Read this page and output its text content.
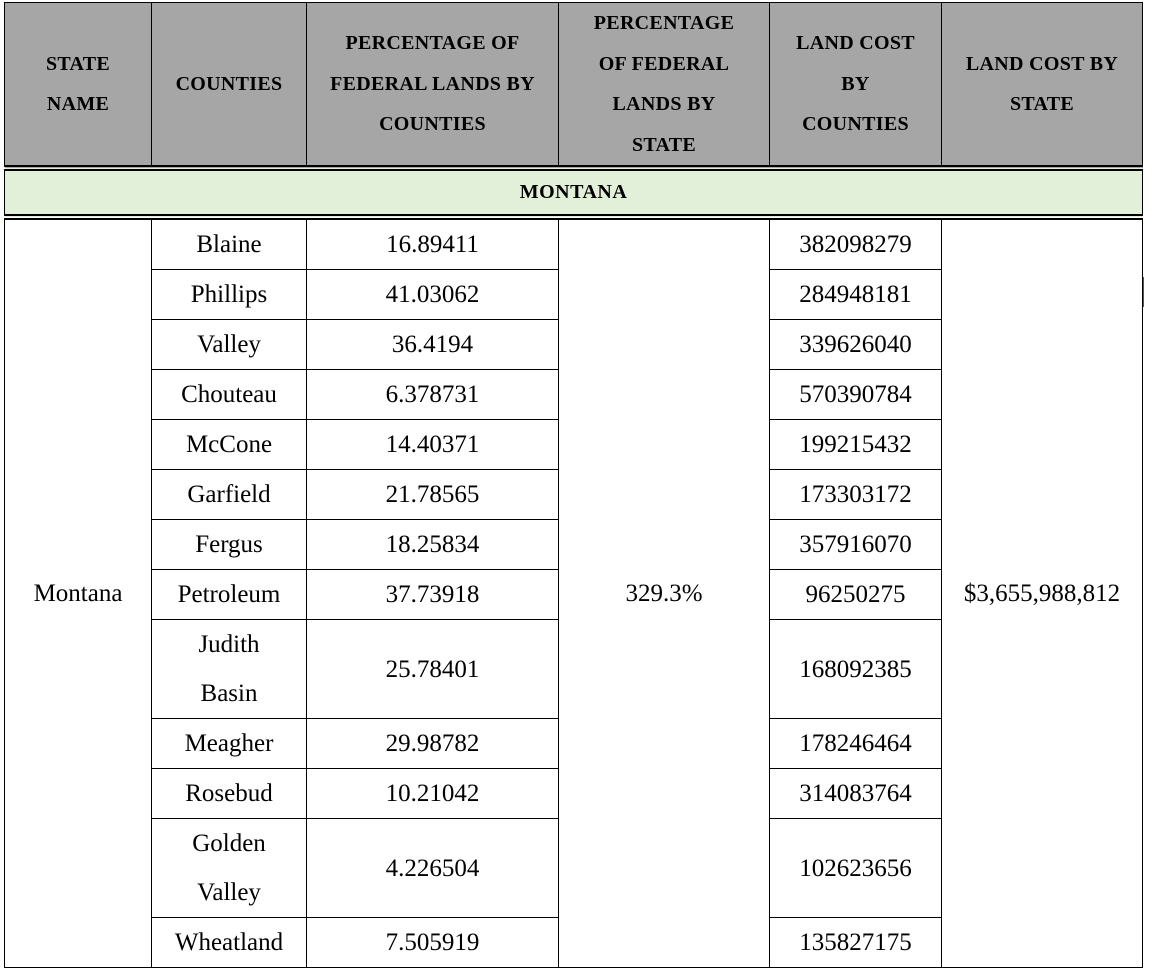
STATE NAME	COUNTIES	PERCENTAGE OF FEDERAL LANDS BY COUNTIES	PERCENTAGE OF FEDERAL LANDS BY STATE	LAND COST BY COUNTIES	LAND COST BY STATE
MONTANA					
Montana	Blaine	16.89411	329.3%	382098279	$3,655,988,812
	Phillips	41.03062		284948181	
	Valley	36.4194		339626040	
	Chouteau	6.378731		570390784	
	McCone	14.40371		199215432	
	Garfield	21.78565		173303172	
	Fergus	18.25834		357916070	
	Petroleum	37.73918		96250275	
	Judith Basin	25.78401		168092385	
	Meagher	29.98782		178246464	
	Rosebud	10.21042		314083764	
	Golden Valley	4.226504		102623656	
	Wheatland	7.505919		135827175	
